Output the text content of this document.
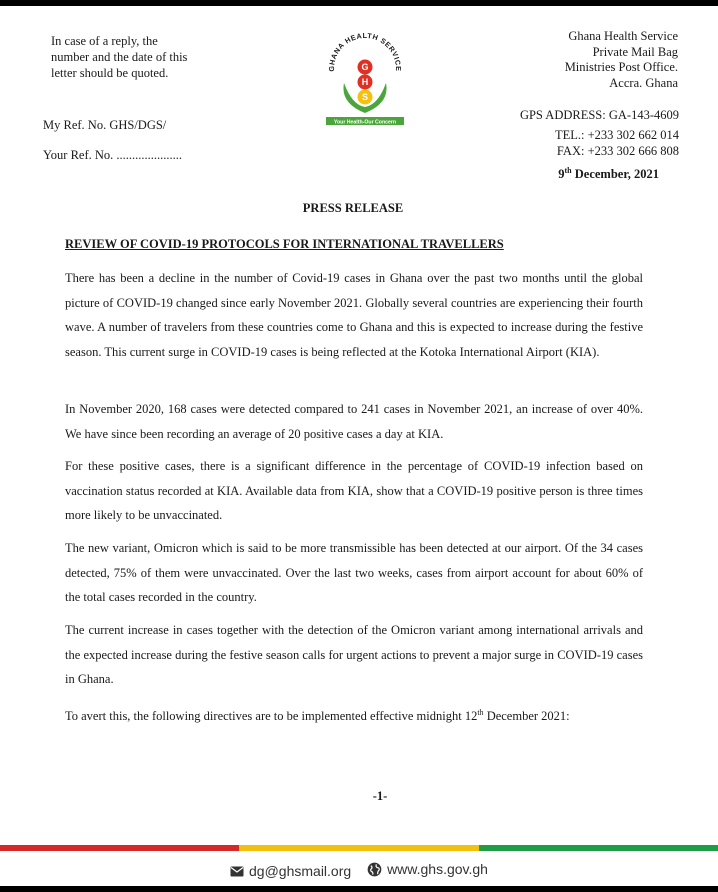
In case of a reply, the
number and the date of this
letter should be quoted.	GHANA HEALTH SERVICE
G
H
S
Your Health-Our Concern
Ghana Health Service
Private Mail Bag
Ministries Post Office.
Accra. Ghana
My Ref. No. GHS/DGS/
Your Ref. No. .....................
GPS ADDRESS: GA-143-4609
TEL.: +233 302 662 014
FAX: +233 302 666 808
9th December, 2021
PRESS RELEASE
REVIEW OF COVID-19 PROTOCOLS FOR INTERNATIONAL TRAVELLERS
There has been a decline in the number of Covid-19 cases in Ghana over the past two months until the global picture of COVID-19 changed since early November 2021. Globally several countries are experiencing their fourth wave. A number of travelers from these countries come to Ghana and this is expected to increase during the festive season. This current surge in COVID-19 cases is being reflected at the Kotoka International Airport (KIA).
In November 2020, 168 cases were detected compared to 241 cases in November 2021, an increase of over 40%. We have since been recording an average of 20 positive cases a day at KIA.
For these positive cases, there is a significant difference in the percentage of COVID-19 infection based on vaccination status recorded at KIA. Available data from KIA, show that a COVID-19 positive person is three times more likely to be unvaccinated.
The new variant, Omicron which is said to be more transmissible has been detected at our airport. Of the 34 cases detected, 75% of them were unvaccinated. Over the last two weeks, cases from airport account for about 60% of the total cases recorded in the country.
The current increase in cases together with the detection of the Omicron variant among international arrivals and the expected increase during the festive season calls for urgent actions to prevent a major surge in COVID-19 cases in Ghana.
To avert this, the following directives are to be implemented effective midnight 12th December 2021:
-1-
dg@ghsmail.org
	www.ghs.gov.gh
